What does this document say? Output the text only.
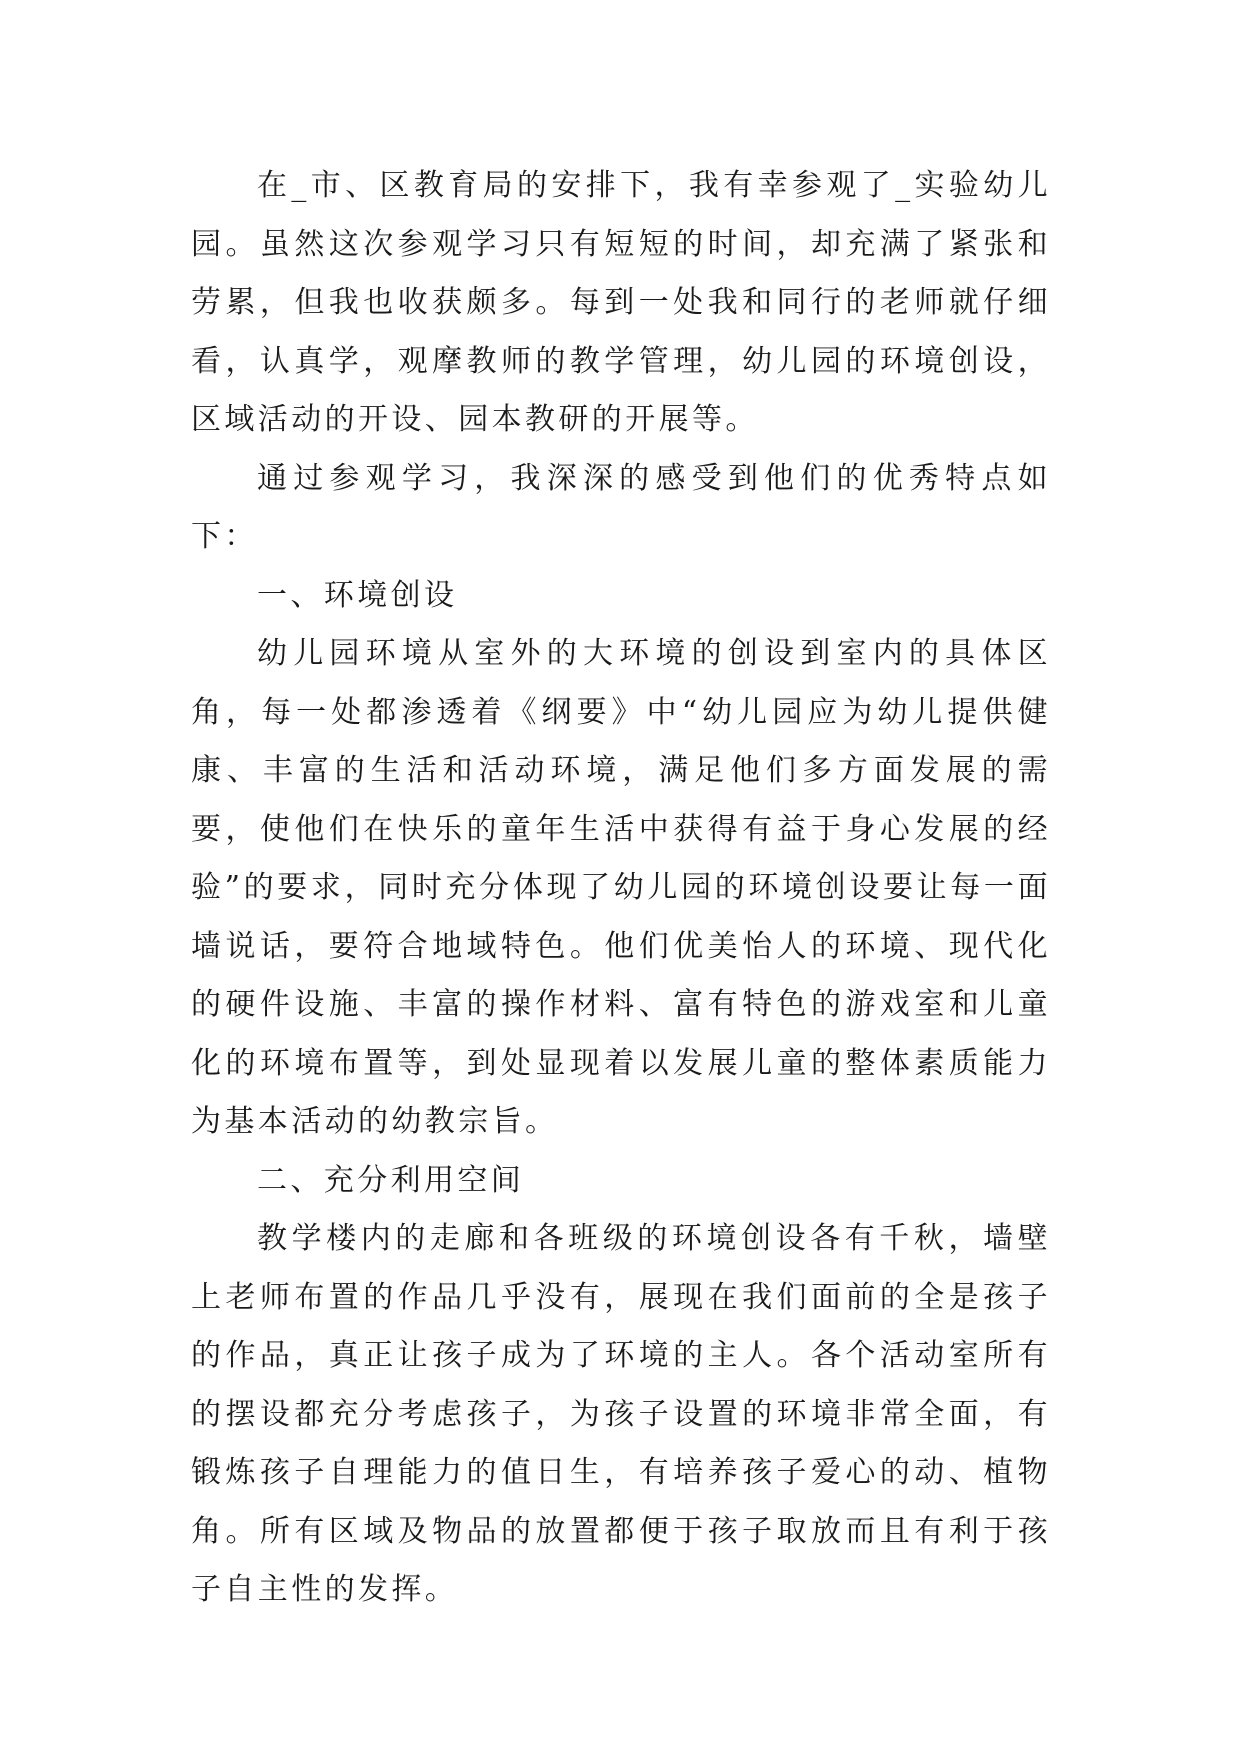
在_市、区教育局的安排下，我有幸参观了_实验幼儿园。虽然这次参观学习只有短短的时间，却充满了紧张和劳累，但我也收获颇多。每到一处我和同行的老师就仔细看，认真学，观摩教师的教学管理，幼儿园的环境创设，区域活动的开设、园本教研的开展等。

通过参观学习，我深深的感受到他们的优秀特点如下：

一、环境创设

幼儿园环境从室外的大环境的创设到室内的具体区角，每一处都渗透着《纲要》中“幼儿园应为幼儿提供健康、丰富的生活和活动环境，满足他们多方面发展的需要，使他们在快乐的童年生活中获得有益于身心发展的经验”的要求，同时充分体现了幼儿园的环境创设要让每一面墙说话，要符合地域特色。他们优美怡人的环境、现代化的硬件设施、丰富的操作材料、富有特色的游戏室和儿童化的环境布置等，到处显现着以发展儿童的整体素质能力为基本活动的幼教宗旨。

二、充分利用空间

教学楼内的走廊和各班级的环境创设各有千秋，墙壁上老师布置的作品几乎没有，展现在我们面前的全是孩子的作品，真正让孩子成为了环境的主人。各个活动室所有的摆设都充分考虑孩子，为孩子设置的环境非常全面，有锻炼孩子自理能力的值日生，有培养孩子爱心的动、植物角。所有区域及物品的放置都便于孩子取放而且有利于孩子自主性的发挥。
